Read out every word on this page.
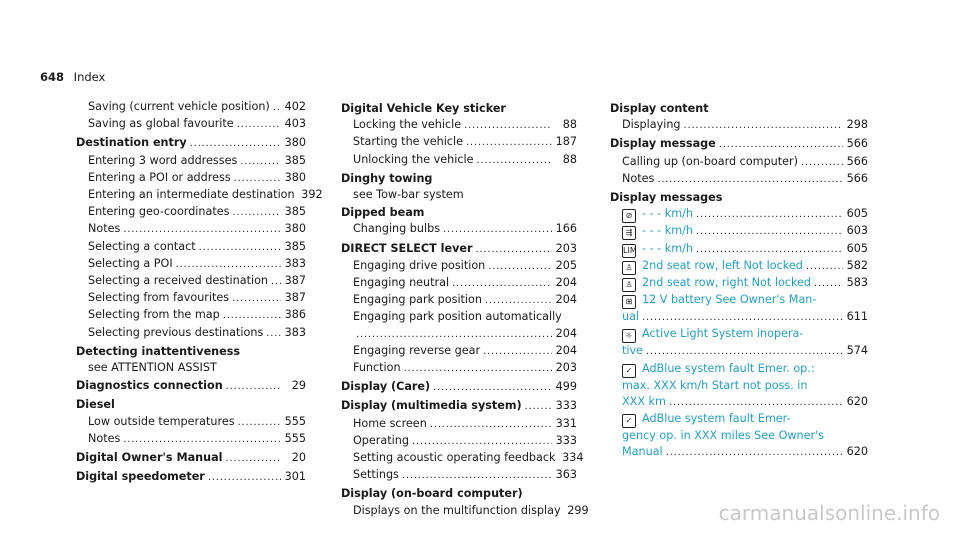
648 Index
Saving (current vehicle position) . . . 402
Saving as global favourite . . .	403
Destination entry . . .	380
Entering 3 word addresses . . .	385
Entering a POI or address . . .	380
Entering an intermediate destination 392
Entering geo-coordinates . . .	385
Notes . . .	380
Selecting a contact . . .	385
Selecting a POI . . .	383
Selecting a received destination . . . 387
Selecting from favourites . . .	387
Selecting from the map . . .	386
Selecting previous destinations . . . 383
Detecting inattentiveness
see ATTENTION ASSIST
Diagnostics connection . . .	29
Diesel
Low outside temperatures . . .	555
Notes . . .	555
Digital Owner's Manual . . .	20
Digital speedometer . . .	301
Digital Vehicle Key sticker
Locking the vehicle . . .	88
Starting the vehicle . . .	187
Unlocking the vehicle . . .	88
Dinghy towing
see Tow-bar system
Dipped beam
Changing bulbs . . .	166
DIRECT SELECT lever . . .	203
Engaging drive position . . .	205
Engaging neutral . . .	204
Engaging park position . . .	204
Engaging park position automatically
. . .
204
Engaging reverse gear . . .	204
Function . . .	203
Display (Care) . . .	499
Display (multimedia system) . . .	333
Home screen . . .	331
Operating . . .	333
Setting acoustic operating feedback 334
Settings . . .	363
Display (on-board computer)
Displays on the multifunction display 299
Display content
Displaying . . .	298
Display message . . .	566
Calling up (on-board computer) . . .	566
Notes . . .	566
Display messages
⊘ - - - km/h . . .	605
⇶ - - - km/h . . .	603
LIM - - - km/h . . .	605
♙ 2nd seat row, left Not locked . . .	582
♙ 2nd seat row, right Not locked . . .	583
⊞ 12 V battery See Owner's Man-
ual . . .	611
☼ Active Light System inopera-
tive . . .	574
✓ AdBlue system fault Emer. op.:
max. XXX km/h Start not poss. in
XXX km . . .	620
✓ AdBlue system fault Emer-
gency op. in XXX miles See Owner's
Manual . . .	620
carmanualsonline.info
